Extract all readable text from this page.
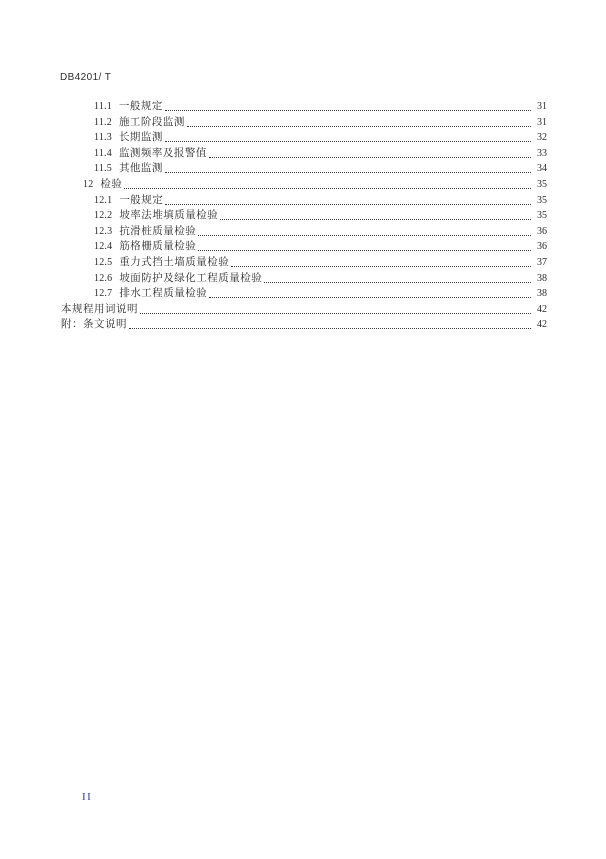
DB4201/ T
11.1 一般规定	31
11.2 施工阶段监测	31
11.3 长期监测	32
11.4 监测频率及报警值	33
11.5 其他监测	34
12 检验	35
12.1 一般规定	35
12.2 坡率法堆填质量检验	35
12.3 抗滑桩质量检验	36
12.4 筋格栅质量检验	36
12.5 重力式挡土墙质量检验	37
12.6 坡面防护及绿化工程质量检验	38
12.7 排水工程质量检验	38
本规程用词说明	42
附：条文说明	42
II
